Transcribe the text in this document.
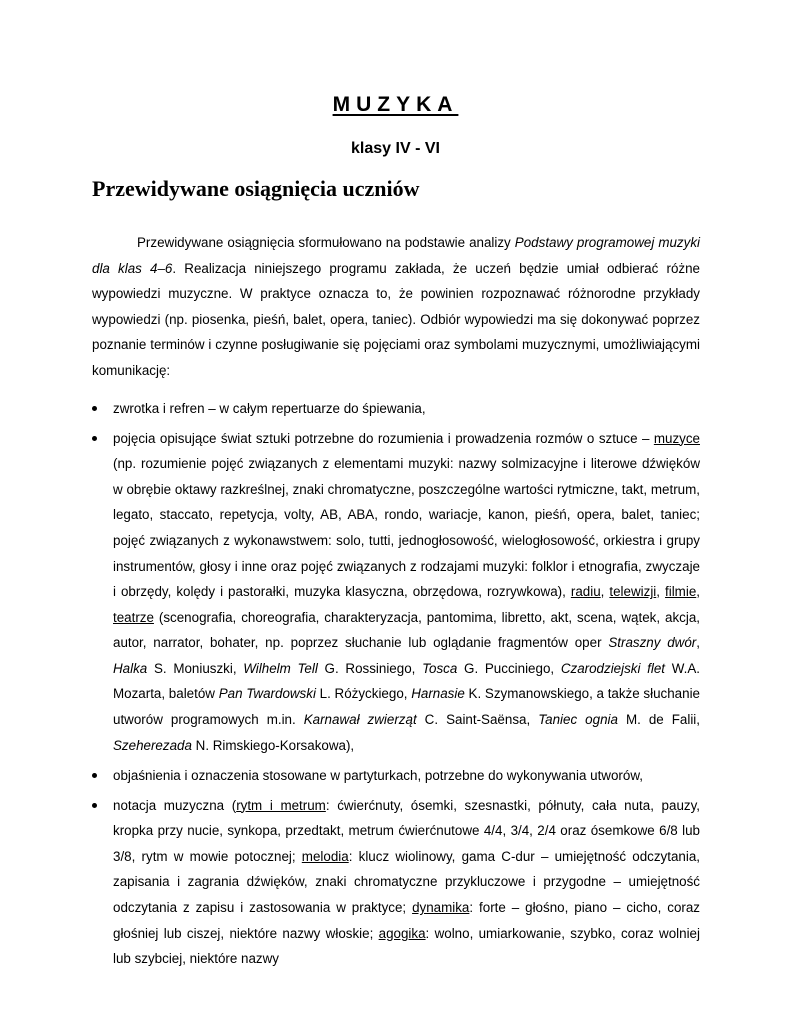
MUZYKA
klasy IV - VI
Przewidywane osiągnięcia uczniów

Przewidywane osiągnięcia sformułowano na podstawie analizy Podstawy programowej muzyki dla klas 4–6. Realizacja niniejszego programu zakłada, że uczeń będzie umiał odbierać różne wypowiedzi muzyczne. W praktyce oznacza to, że powinien rozpoznawać różnorodne przykłady wypowiedzi (np. piosenka, pieśń, balet, opera, taniec). Odbiór wypowiedzi ma się dokonywać poprzez poznanie terminów i czynne posługiwanie się pojęciami oraz symbolami muzycznymi, umożliwiającymi komunikację:

zwrotka i refren – w całym repertuarze do śpiewania,
pojęcia opisujące świat sztuki potrzebne do rozumienia i prowadzenia rozmów o sztuce – muzyce (np. rozumienie pojęć związanych z elementami muzyki: nazwy solmizacyjne i literowe dźwięków w obrębie oktawy razkreślnej, znaki chromatyczne, poszczególne wartości rytmiczne, takt, metrum, legato, staccato, repetycja, volty, AB, ABA, rondo, wariacje, kanon, pieśń, opera, balet, taniec; pojęć związanych z wykonawstwem: solo, tutti, jednogłosowość, wielogłosowość, orkiestra i grupy instrumentów, głosy i inne oraz pojęć związanych z rodzajami muzyki: folklor i etnografia, zwyczaje i obrzędy, kolędy i pastorałki, muzyka klasyczna, obrzędowa, rozrywkowa), radiu, telewizji, filmie, teatrze (scenografia, choreografia, charakteryzacja, pantomima, libretto, akt, scena, wątek, akcja, autor, narrator, bohater, np. poprzez słuchanie lub oglądanie fragmentów oper Straszny dwór, Halka S. Moniuszki, Wilhelm Tell G. Rossiniego, Tosca G. Pucciniego, Czarodziejski flet W.A. Mozarta, baletów Pan Twardowski L. Różyckiego, Harnasie K. Szymanowskiego, a także słuchanie utworów programowych m.in. Karnawał zwierząt C. Saint-Saënsa, Taniec ognia M. de Falii, Szeherezada N. Rimskiego-Korsakowa),
objaśnienia i oznaczenia stosowane w partyturkach, potrzebne do wykonywania utworów,
notacja muzyczna (rytm i metrum: ćwierćnuty, ósemki, szesnastki, półnuty, cała nuta, pauzy, kropka przy nucie, synkopa, przedtakt, metrum ćwierćnutowe 4/4, 3/4, 2/4 oraz ósemkowe 6/8 lub 3/8, rytm w mowie potocznej; melodia: klucz wiolinowy, gama C-dur – umiejętność odczytania, zapisania i zagrania dźwięków, znaki chromatyczne przykluczowe i przygodne – umiejętność odczytania z zapisu i zastosowania w praktyce; dynamika: forte – głośno, piano – cicho, coraz głośniej lub ciszej, niektóre nazwy włoskie; agogika: wolno, umiarkowanie, szybko, coraz wolniej lub szybciej, niektóre nazwy
